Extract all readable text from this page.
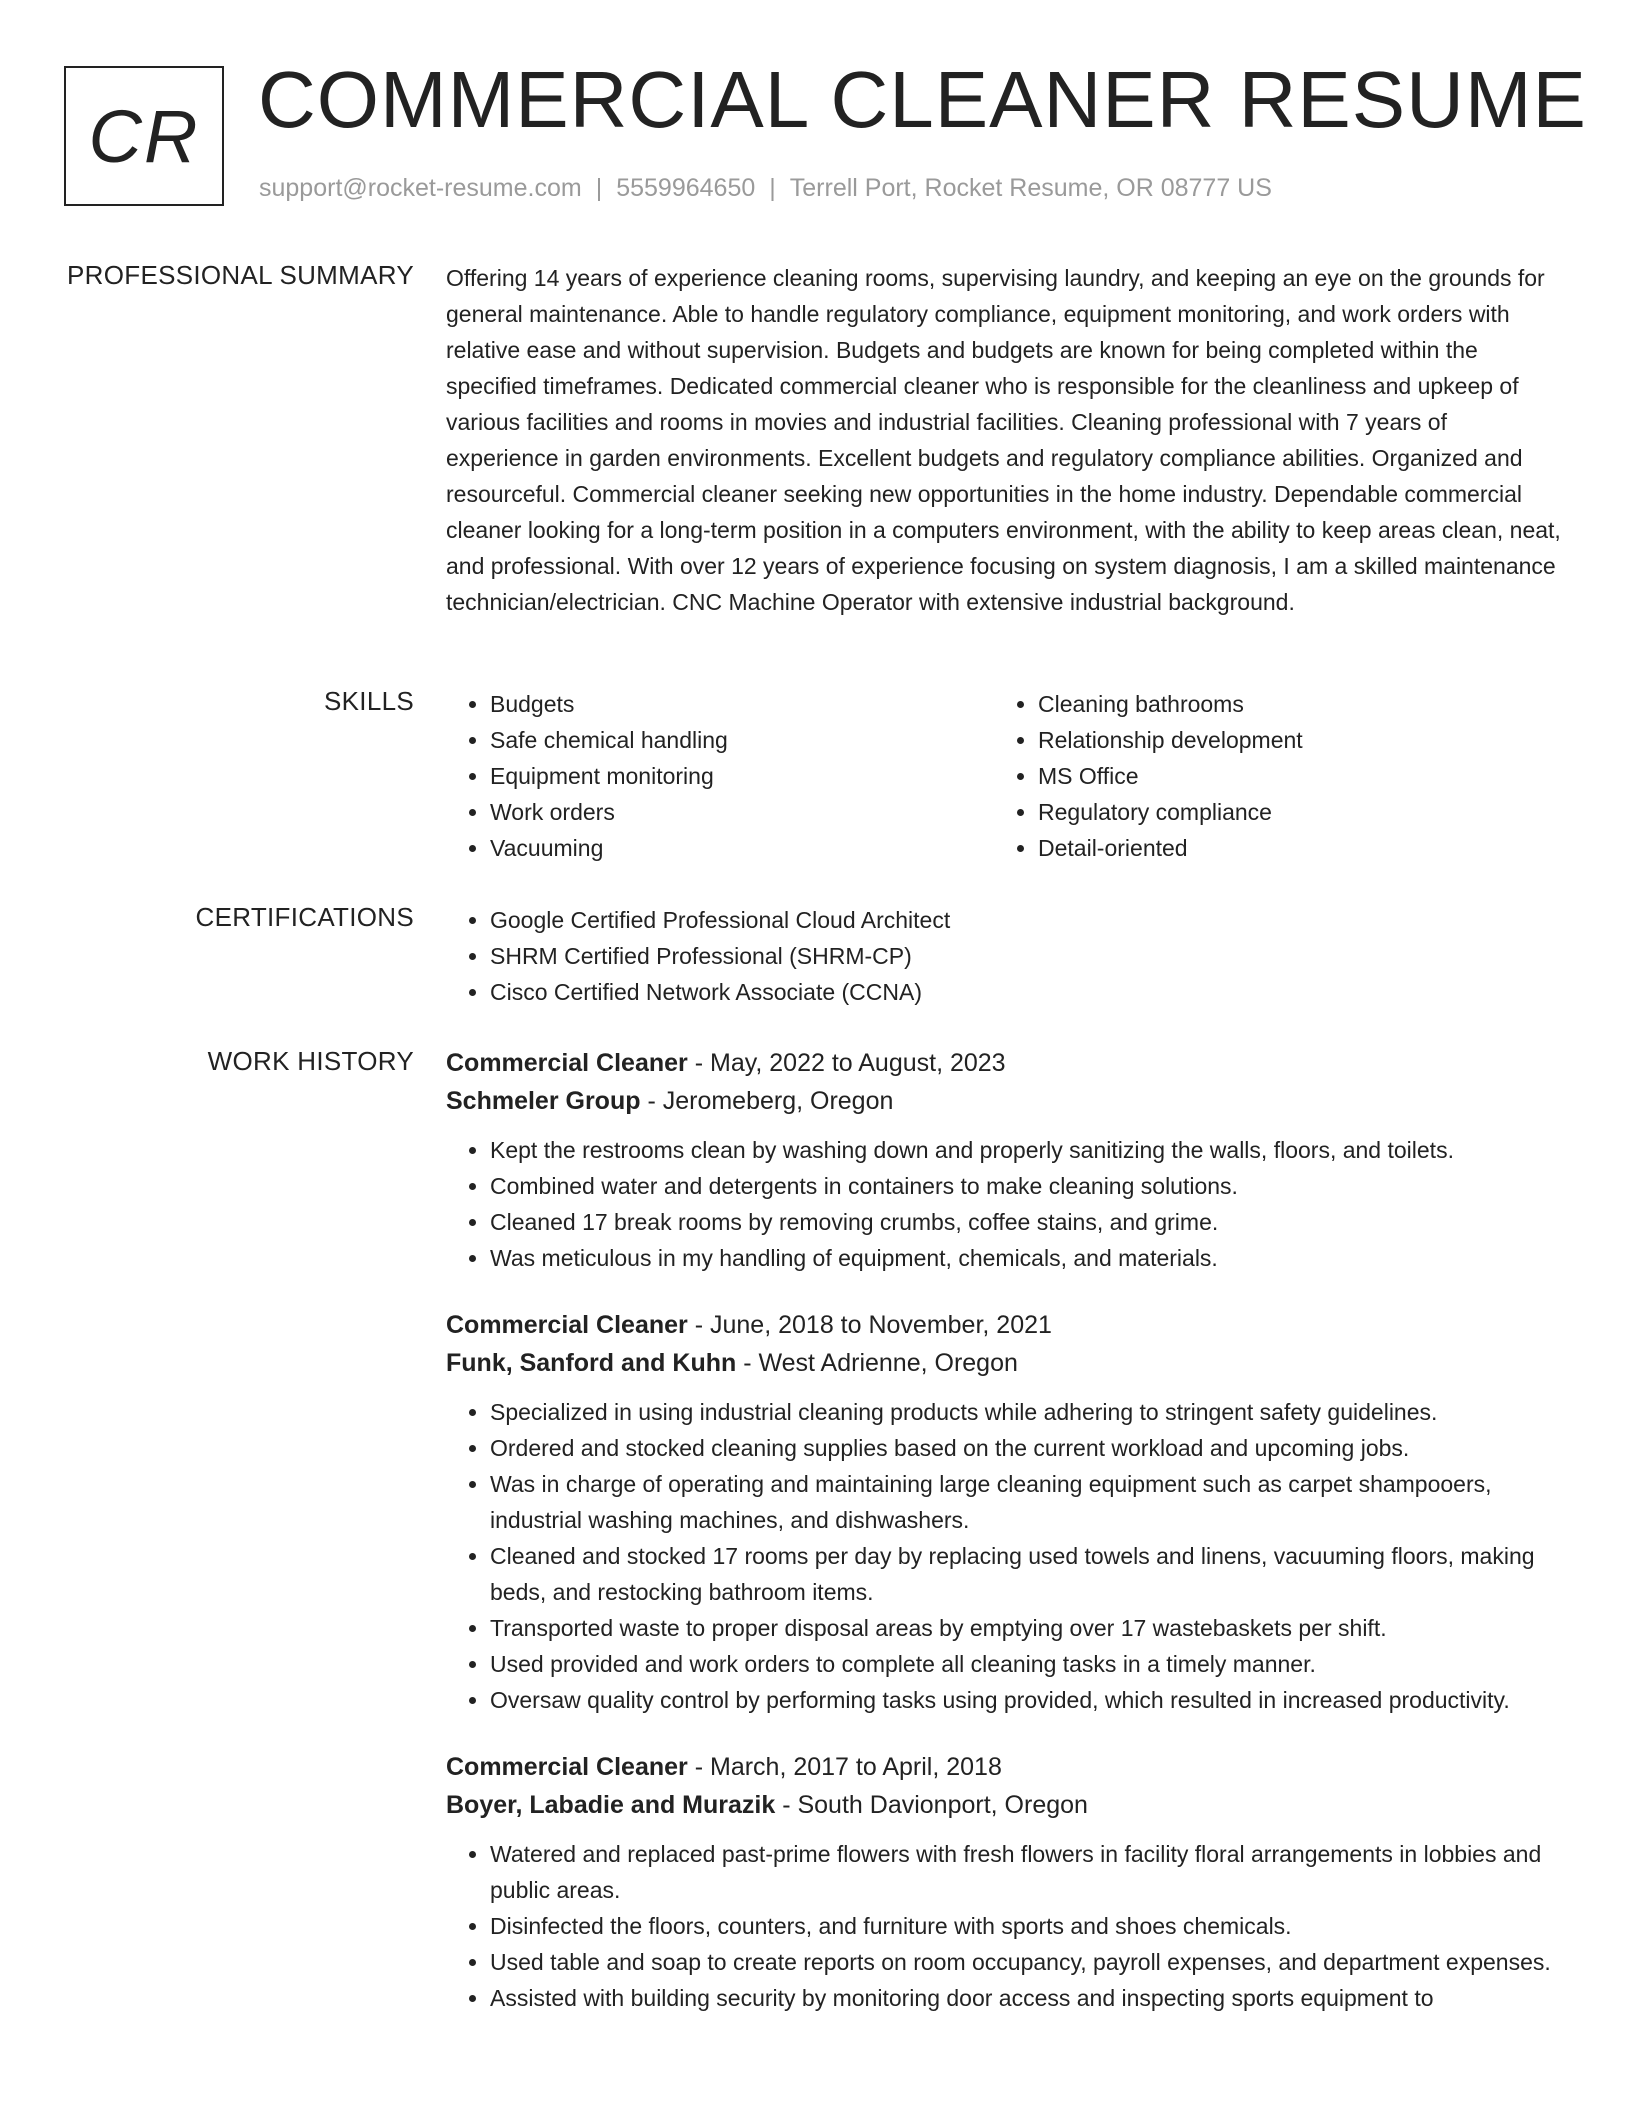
CR COMMERCIAL CLEANER RESUME
support@rocket-resume.com | 5559964650 | Terrell Port, Rocket Resume, OR 08777 US
PROFESSIONAL SUMMARY Offering 14 years of experience cleaning rooms, supervising laundry, and keeping an eye on the grounds for general maintenance. Able to handle regulatory compliance, equipment monitoring, and work orders with relative ease and without supervision. Budgets and budgets are known for being completed within the specified timeframes. Dedicated commercial cleaner who is responsible for the cleanliness and upkeep of various facilities and rooms in movies and industrial facilities. Cleaning professional with 7 years of experience in garden environments. Excellent budgets and regulatory compliance abilities. Organized and resourceful. Commercial cleaner seeking new opportunities in the home industry. Dependable commercial cleaner looking for a long-term position in a computers environment, with the ability to keep areas clean, neat, and professional. With over 12 years of experience focusing on system diagnosis, I am a skilled maintenance technician/electrician. CNC Machine Operator with extensive industrial background.

SKILLS	• Budgets
• Safe chemical handling
• Equipment monitoring
• Work orders
• Vacuuming
• Cleaning bathrooms
• Relationship development
• MS Office
• Regulatory compliance
• Detail-oriented
CERTIFICATIONS	• Google Certified Professional Cloud Architect
• SHRM Certified Professional (SHRM-CP)
• Cisco Certified Network Associate (CCNA)
WORK HISTORY Commercial Cleaner - May, 2022 to August, 2023
Schmeler Group - Jeromeberg, Oregon
• Kept the restrooms clean by washing down and properly sanitizing the walls, floors, and toilets.
• Combined water and detergents in containers to make cleaning solutions.
• Cleaned 17 break rooms by removing crumbs, coffee stains, and grime.
• Was meticulous in my handling of equipment, chemicals, and materials.
Commercial Cleaner - June, 2018 to November, 2021
Funk, Sanford and Kuhn - West Adrienne, Oregon
• Specialized in using industrial cleaning products while adhering to stringent safety guidelines.
• Ordered and stocked cleaning supplies based on the current workload and upcoming jobs.
• Was in charge of operating and maintaining large cleaning equipment such as carpet shampooers, industrial washing machines, and dishwashers.
• Cleaned and stocked 17 rooms per day by replacing used towels and linens, vacuuming floors, making beds, and restocking bathroom items.
• Transported waste to proper disposal areas by emptying over 17 wastebaskets per shift.
• Used provided and work orders to complete all cleaning tasks in a timely manner.
• Oversaw quality control by performing tasks using provided, which resulted in increased productivity.
Commercial Cleaner - March, 2017 to April, 2018
Boyer, Labadie and Murazik - South Davionport, Oregon
• Watered and replaced past-prime flowers with fresh flowers in facility floral arrangements in lobbies and public areas.
• Disinfected the floors, counters, and furniture with sports and shoes chemicals.
• Used table and soap to create reports on room occupancy, payroll expenses, and department expenses.
• Assisted with building security by monitoring door access and inspecting sports equipment to
